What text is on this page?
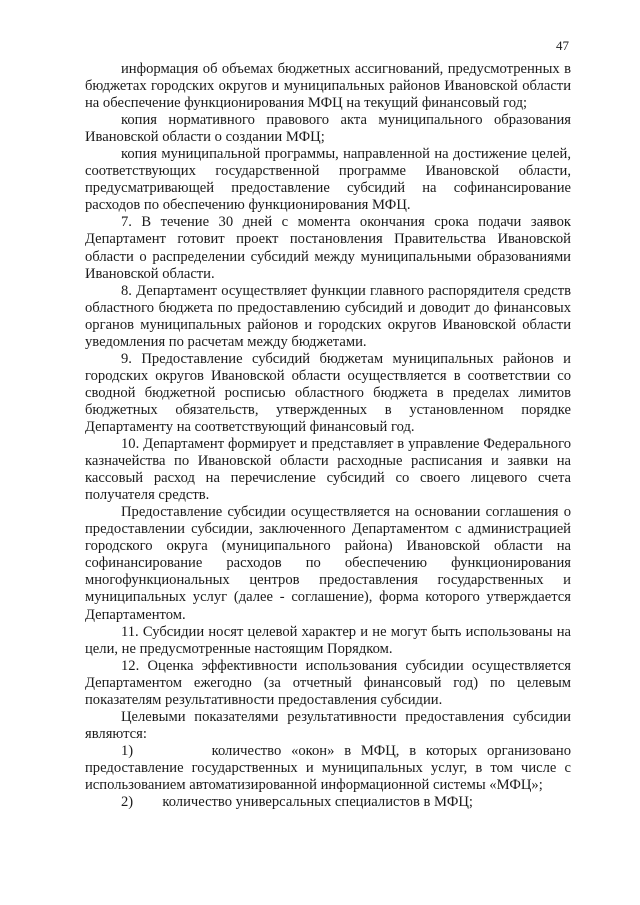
47

информация об объемах бюджетных ассигнований, предусмотренных в бюджетах городских округов и муниципальных районов Ивановской области на обеспечение функционирования МФЦ на текущий финансовый год;

копия нормативного правового акта муниципального образования Ивановской области о создании МФЦ;

копия муниципальной программы, направленной на достижение целей, соответствующих государственной программе Ивановской области, предусматривающей предоставление субсидий на софинансирование расходов по обеспечению функционирования МФЦ.

7. В течение 30 дней с момента окончания срока подачи заявок Департамент готовит проект постановления Правительства Ивановской области о распределении субсидий между муниципальными образованиями Ивановской области.

8. Департамент осуществляет функции главного распорядителя средств областного бюджета по предоставлению субсидий и доводит до финансовых органов муниципальных районов и городских округов Ивановской области уведомления по расчетам между бюджетами.

9. Предоставление субсидий бюджетам муниципальных районов и городских округов Ивановской области осуществляется в соответствии со сводной бюджетной росписью областного бюджета в пределах лимитов бюджетных обязательств, утвержденных в установленном порядке Департаменту на соответствующий финансовый год.

10. Департамент формирует и представляет в управление Федерального казначейства по Ивановской области расходные расписания и заявки на кассовый расход на перечисление субсидий со своего лицевого счета получателя средств.

Предоставление субсидии осуществляется на основании соглашения о предоставлении субсидии, заключенного Департаментом с администрацией городского округа (муниципального района) Ивановской области на софинансирование расходов по обеспечению функционирования многофункциональных центров предоставления государственных и муниципальных услуг (далее - соглашение), форма которого утверждается Департаментом.

11. Субсидии носят целевой характер и не могут быть использованы на цели, не предусмотренные настоящим Порядком.

12. Оценка эффективности использования субсидии осуществляется Департаментом ежегодно (за отчетный финансовый год) по целевым показателям результативности предоставления субсидии.

Целевыми показателями результативности предоставления субсидии являются:

1)        количество «окон» в МФЦ, в которых организовано предоставление государственных и муниципальных услуг, в том числе с использованием автоматизированной информационной системы «МФЦ»;

2)        количество универсальных специалистов в МФЦ;
